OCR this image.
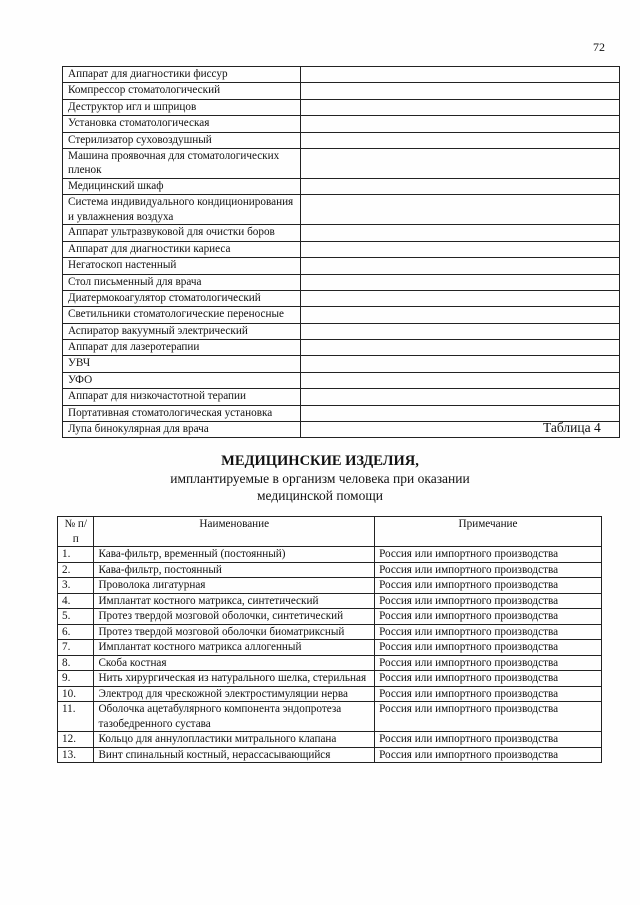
72
Аппарат для диагностики фиссур	
Компрессор стоматологический	
Деструктор игл и шприцов	
Установка стоматологическая	
Стерилизатор суховоздушный	
Машина проявочная для стоматологических пленок	
Медицинский шкаф	
Система индивидуального кондиционирования и увлажнения воздуха	
Аппарат ультразвуковой для очистки боров	
Аппарат для диагностики кариеса	
Негатоскоп настенный	
Стол письменный для врача	
Диатермокоагулятор стоматологический	
Светильники стоматологические переносные	
Аспиратор вакуумный электрический	
Аппарат для лазеротерапии	
УВЧ	
УФО	
Аппарат для низкочастотной терапии	
Портативная стоматологическая установка	
Лупа бинокулярная для врача		Таблица 4
МЕДИЦИНСКИЕ ИЗДЕЛИЯ,
имплантируемые в организм человека при оказании
медицинской помощи
№ п/п	Наименование	Примечание
1.	Кава-фильтр, временный (постоянный)	Россия или импортного производства
2.	Кава-фильтр, постоянный	Россия или импортного производства
3.	Проволока лигатурная	Россия или импортного производства
4.	Имплантат костного матрикса, синтетический	Россия или импортного производства
5.	Протез твердой мозговой оболочки, синтетический	Россия или импортного производства
6.	Протез твердой мозговой оболочки биоматриксный	Россия или импортного производства
7.	Имплантат костного матрикса аллогенный	Россия или импортного производства
8.	Скоба костная	Россия или импортного производства
9.	Нить хирургическая из натурального шелка, стерильная	Россия или импортного производства
10.	Электрод для чрескожной электростимуляции нерва	Россия или импортного производства
11.	Оболочка ацетабулярного компонента эндопротеза тазобедренного сустава	Россия или импортного производства
12.	Кольцо для аннулопластики митрального клапана	Россия или импортного производства
13.	Винт спинальный костный, нерассасывающийся	Россия или импортного производства
